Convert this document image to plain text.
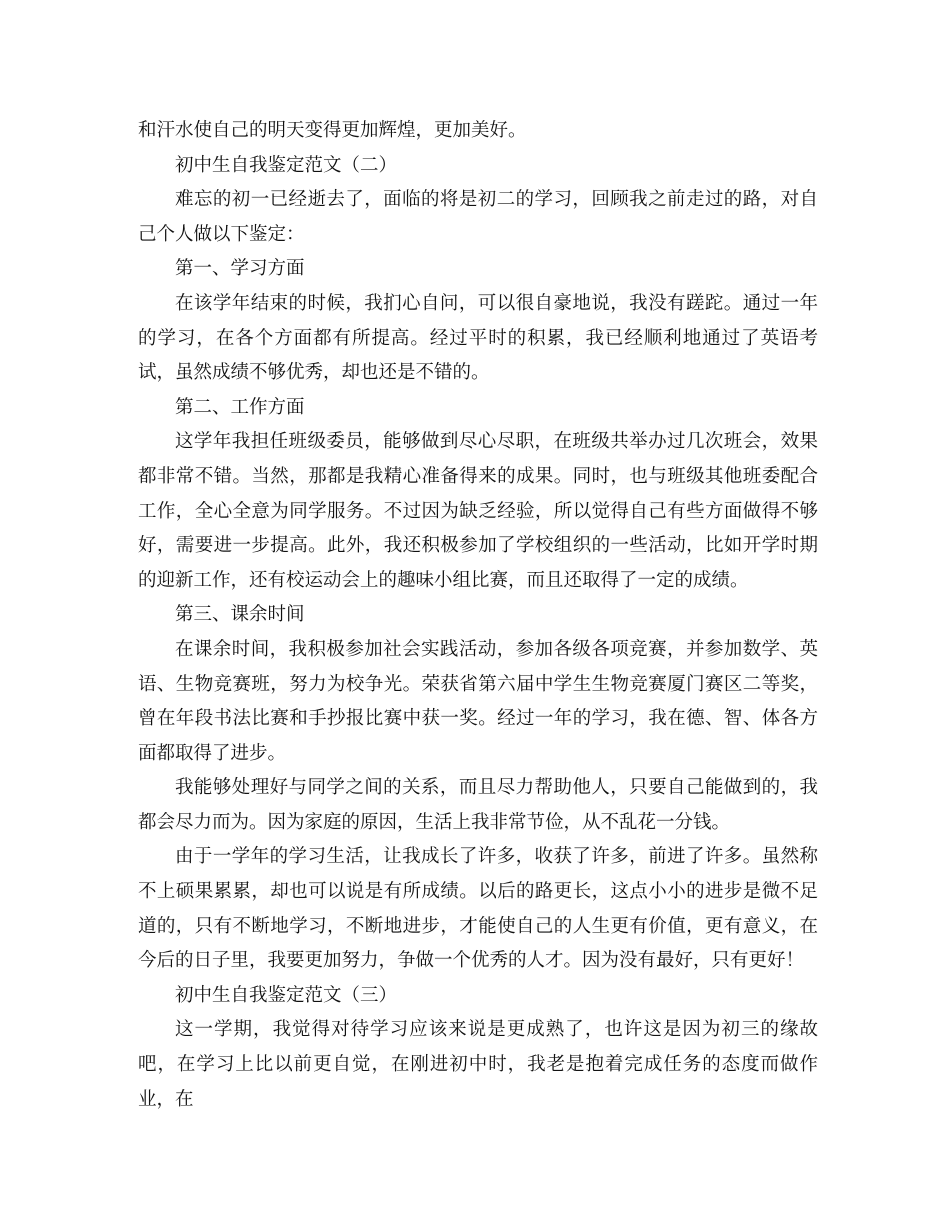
和汗水使自己的明天变得更加辉煌，更加美好。

初中生自我鉴定范文（二）

难忘的初一已经逝去了，面临的将是初二的学习，回顾我之前走过的路，对自己个人做以下鉴定：

第一、学习方面

在该学年结束的时候，我扪心自问，可以很自豪地说，我没有蹉跎。通过一年的学习，在各个方面都有所提高。经过平时的积累，我已经顺利地通过了英语考试，虽然成绩不够优秀，却也还是不错的。

第二、工作方面

这学年我担任班级委员，能够做到尽心尽职，在班级共举办过几次班会，效果都非常不错。当然，那都是我精心准备得来的成果。同时，也与班级其他班委配合工作，全心全意为同学服务。不过因为缺乏经验，所以觉得自己有些方面做得不够好，需要进一步提高。此外，我还积极参加了学校组织的一些活动，比如开学时期的迎新工作，还有校运动会上的趣味小组比赛，而且还取得了一定的成绩。

第三、课余时间

在课余时间，我积极参加社会实践活动，参加各级各项竞赛，并参加数学、英语、生物竞赛班，努力为校争光。荣获省第六届中学生生物竞赛厦门赛区二等奖，曾在年段书法比赛和手抄报比赛中获一奖。经过一年的学习，我在德、智、体各方面都取得了进步。

我能够处理好与同学之间的关系，而且尽力帮助他人，只要自己能做到的，我都会尽力而为。因为家庭的原因，生活上我非常节俭，从不乱花一分钱。

由于一学年的学习生活，让我成长了许多，收获了许多，前进了许多。虽然称不上硕果累累，却也可以说是有所成绩。以后的路更长，这点小小的进步是微不足道的，只有不断地学习，不断地进步，才能使自己的人生更有价值，更有意义，在今后的日子里，我要更加努力，争做一个优秀的人才。因为没有最好，只有更好！

初中生自我鉴定范文（三）

这一学期，我觉得对待学习应该来说是更成熟了，也许这是因为初三的缘故吧，在学习上比以前更自觉，在刚进初中时，我老是抱着完成任务的态度而做作业，在
